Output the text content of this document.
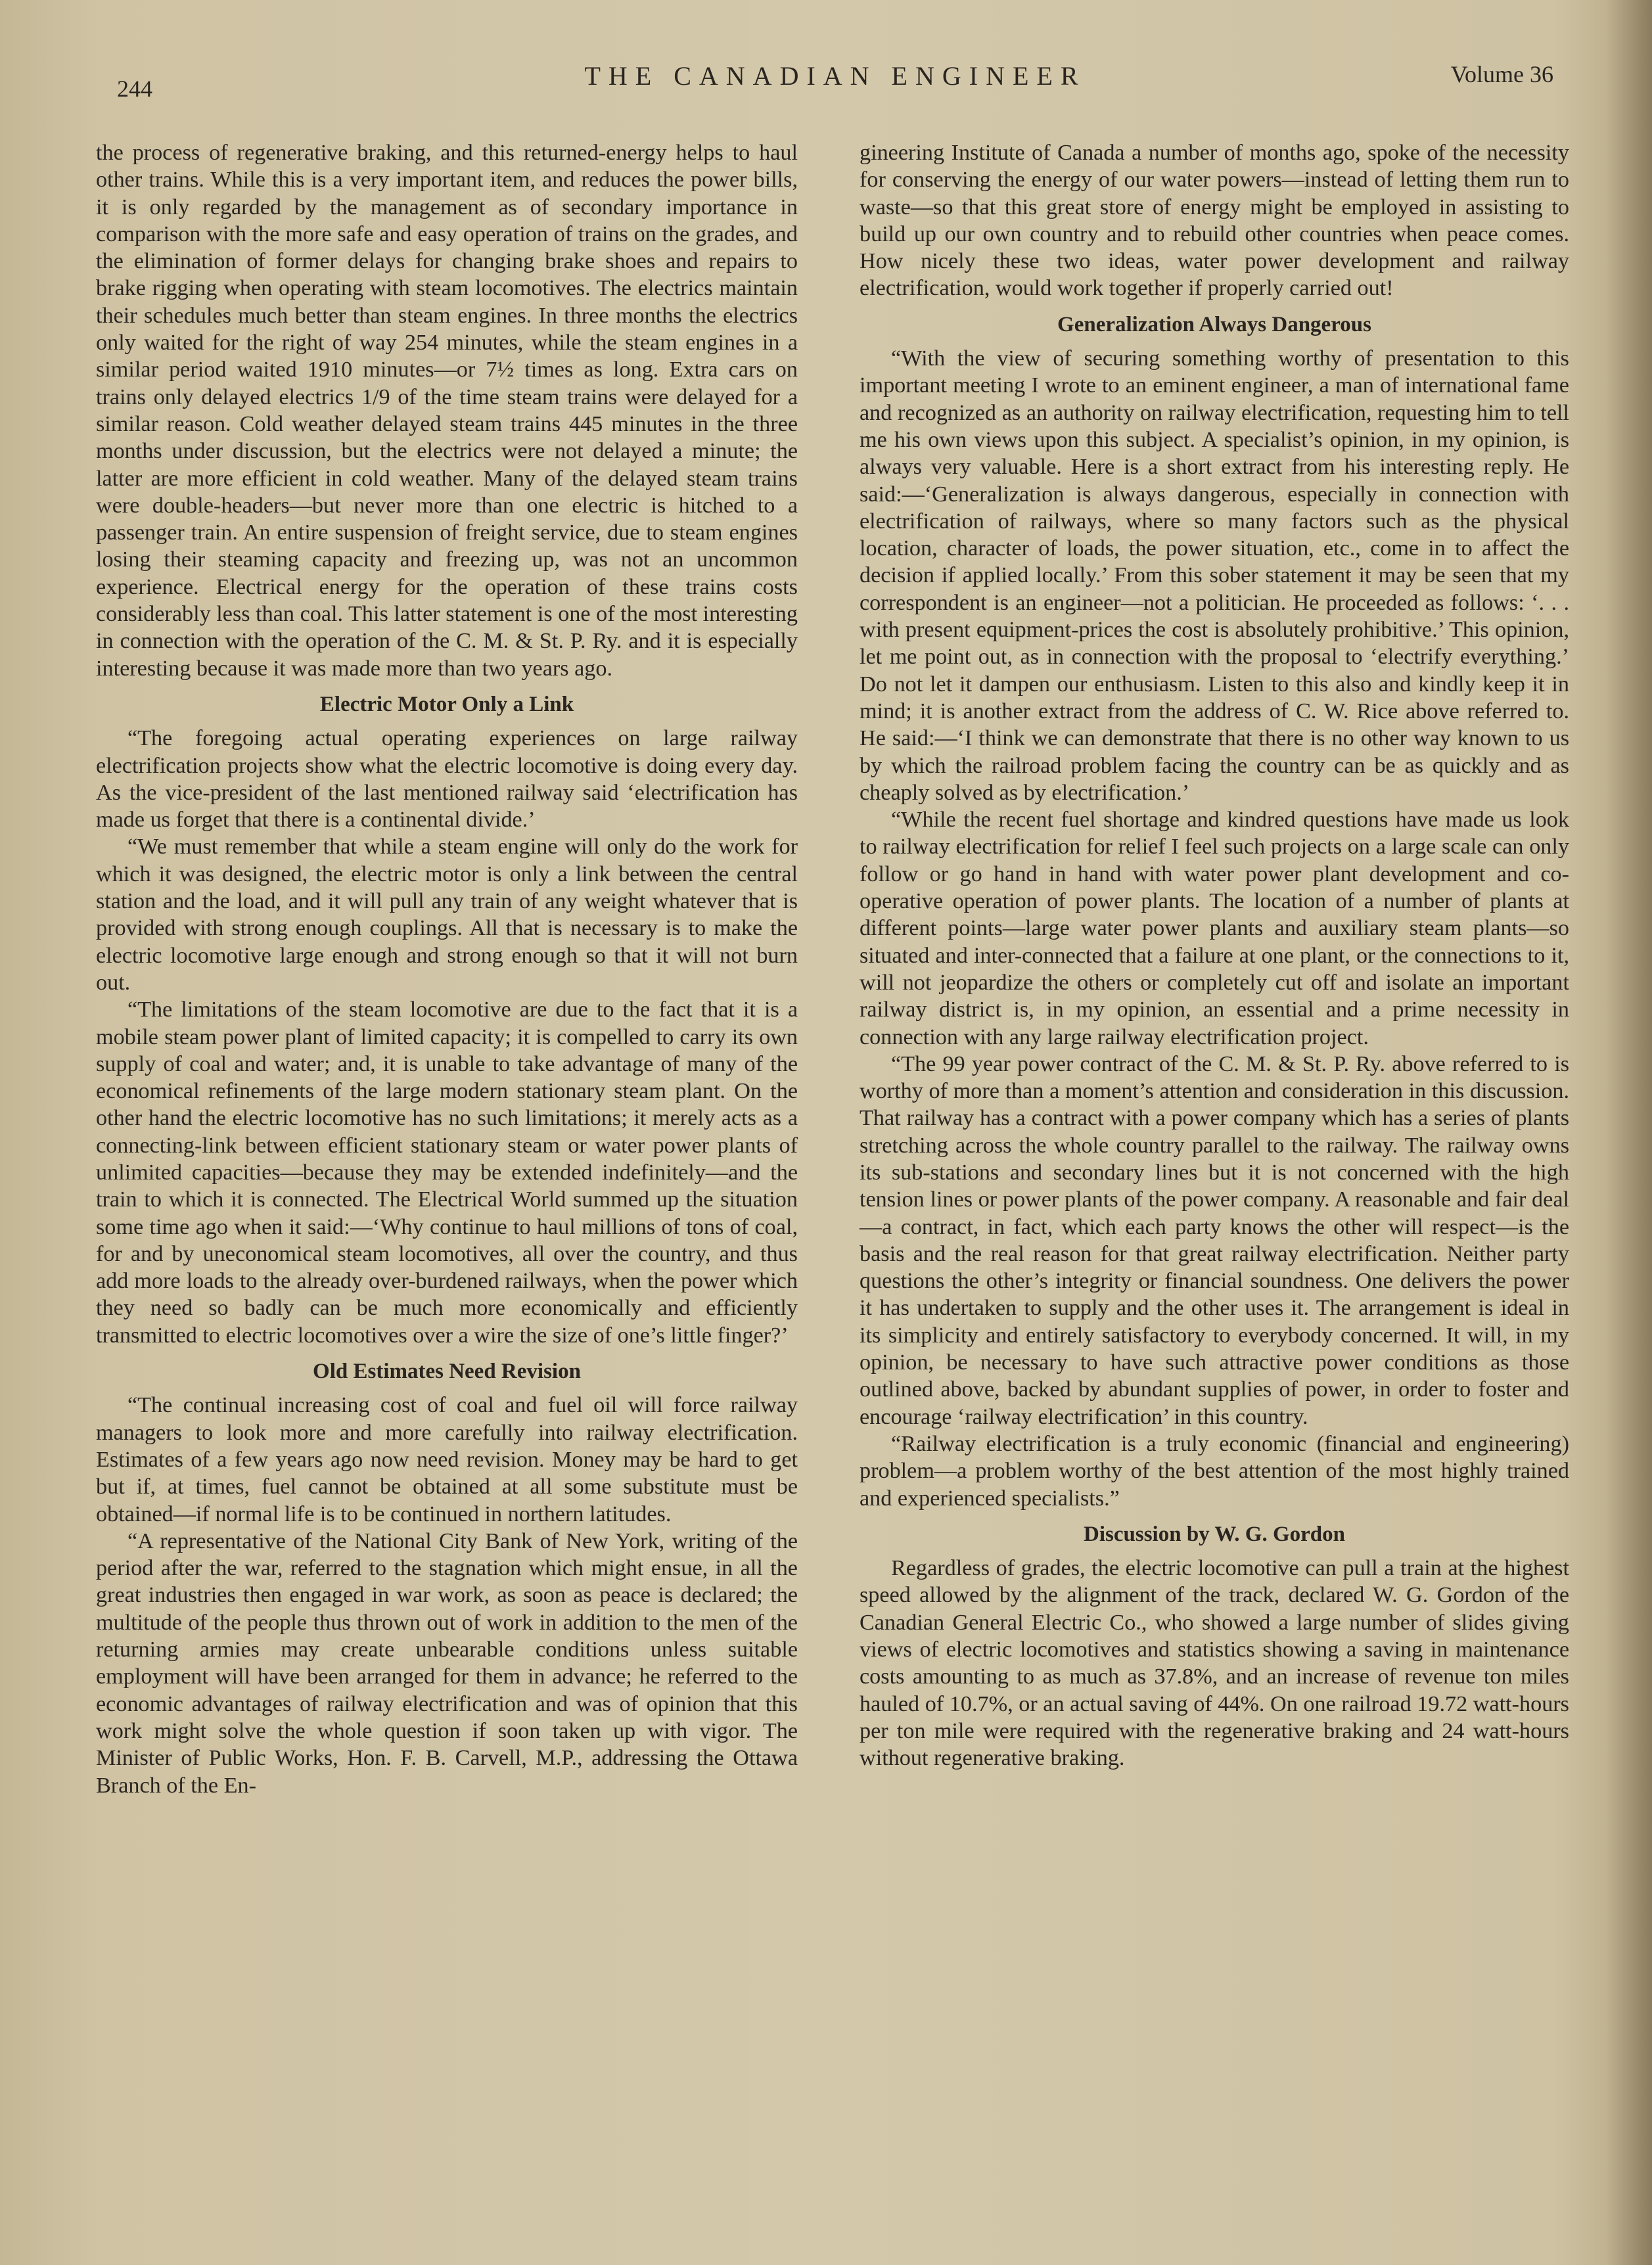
244	THE CANADIAN ENGINEER	Volume 36

the process of regenerative braking, and this returned-energy helps to haul other trains. While this is a very important item, and reduces the power bills, it is only regarded by the management as of secondary importance in comparison with the more safe and easy operation of trains on the grades, and the elimination of former delays for changing brake shoes and repairs to brake rigging when operating with steam locomotives. The electrics maintain their schedules much better than steam engines. In three months the electrics only waited for the right of way 254 minutes, while the steam engines in a similar period waited 1910 minutes—or 7½ times as long. Extra cars on trains only delayed electrics 1/9 of the time steam trains were delayed for a similar reason. Cold weather delayed steam trains 445 minutes in the three months under discussion, but the electrics were not delayed a minute; the latter are more efficient in cold weather. Many of the delayed steam trains were double-headers—but never more than one electric is hitched to a passenger train. An entire suspension of freight service, due to steam engines losing their steaming capacity and freezing up, was not an uncommon experience. Electrical energy for the operation of these trains costs considerably less than coal. This latter statement is one of the most interesting in connection with the operation of the C. M. & St. P. Ry. and it is especially interesting because it was made more than two years ago.

Electric Motor Only a Link

“The foregoing actual operating experiences on large railway electrification projects show what the electric locomotive is doing every day. As the vice-president of the last mentioned railway said ‘electrification has made us forget that there is a continental divide.’

“We must remember that while a steam engine will only do the work for which it was designed, the electric motor is only a link between the central station and the load, and it will pull any train of any weight whatever that is provided with strong enough couplings. All that is necessary is to make the electric locomotive large enough and strong enough so that it will not burn out.

“The limitations of the steam locomotive are due to the fact that it is a mobile steam power plant of limited capacity; it is compelled to carry its own supply of coal and water; and, it is unable to take advantage of many of the economical refinements of the large modern stationary steam plant. On the other hand the electric locomotive has no such limitations; it merely acts as a connecting-link between efficient stationary steam or water power plants of unlimited capacities—because they may be extended indefinitely—and the train to which it is connected. The Electrical World summed up the situation some time ago when it said:—‘Why continue to haul millions of tons of coal, for and by uneconomical steam locomotives, all over the country, and thus add more loads to the already over-burdened railways, when the power which they need so badly can be much more economically and efficiently transmitted to electric locomotives over a wire the size of one’s little finger?’

Old Estimates Need Revision

“The continual increasing cost of coal and fuel oil will force railway managers to look more and more carefully into railway electrification. Estimates of a few years ago now need revision. Money may be hard to get but if, at times, fuel cannot be obtained at all some substitute must be obtained—if normal life is to be continued in northern latitudes.

“A representative of the National City Bank of New York, writing of the period after the war, referred to the stagnation which might ensue, in all the great industries then engaged in war work, as soon as peace is declared; the multitude of the people thus thrown out of work in addition to the men of the returning armies may create unbearable conditions unless suitable employment will have been arranged for them in advance; he referred to the economic advantages of railway electrification and was of opinion that this work might solve the whole question if soon taken up with vigor. The Minister of Public Works, Hon. F. B. Carvell, M.P., addressing the Ottawa Branch of the En-

gineering Institute of Canada a number of months ago, spoke of the necessity for conserving the energy of our water powers—instead of letting them run to waste—so that this great store of energy might be employed in assisting to build up our own country and to rebuild other countries when peace comes. How nicely these two ideas, water power development and railway electrification, would work together if properly carried out!

Generalization Always Dangerous

“With the view of securing something worthy of presentation to this important meeting I wrote to an eminent engineer, a man of international fame and recognized as an authority on railway electrification, requesting him to tell me his own views upon this subject. A specialist’s opinion, in my opinion, is always very valuable. Here is a short extract from his interesting reply. He said:—‘Generalization is always dangerous, especially in connection with electrification of railways, where so many factors such as the physical location, character of loads, the power situation, etc., come in to affect the decision if applied locally.’ From this sober statement it may be seen that my correspondent is an engineer—not a politician. He proceeded as follows: ‘. . . with present equipment-prices the cost is absolutely prohibitive.’ This opinion, let me point out, as in connection with the proposal to ‘electrify everything.’ Do not let it dampen our enthusiasm. Listen to this also and kindly keep it in mind; it is another extract from the address of C. W. Rice above referred to. He said:—‘I think we can demonstrate that there is no other way known to us by which the railroad problem facing the country can be as quickly and as cheaply solved as by electrification.’

“While the recent fuel shortage and kindred questions have made us look to railway electrification for relief I feel such projects on a large scale can only follow or go hand in hand with water power plant development and co-operative operation of power plants. The location of a number of plants at different points—large water power plants and auxiliary steam plants—so situated and inter-connected that a failure at one plant, or the connections to it, will not jeopardize the others or completely cut off and isolate an important railway district is, in my opinion, an essential and a prime necessity in connection with any large railway electrification project.

“The 99 year power contract of the C. M. & St. P. Ry. above referred to is worthy of more than a moment’s attention and consideration in this discussion. That railway has a contract with a power company which has a series of plants stretching across the whole country parallel to the railway. The railway owns its sub-stations and secondary lines but it is not concerned with the high tension lines or power plants of the power company. A reasonable and fair deal—a contract, in fact, which each party knows the other will respect—is the basis and the real reason for that great railway electrification. Neither party questions the other’s integrity or financial soundness. One delivers the power it has undertaken to supply and the other uses it. The arrangement is ideal in its simplicity and entirely satisfactory to everybody concerned. It will, in my opinion, be necessary to have such attractive power conditions as those outlined above, backed by abundant supplies of power, in order to foster and encourage ‘railway electrification’ in this country.

“Railway electrification is a truly economic (financial and engineering) problem—a problem worthy of the best attention of the most highly trained and experienced specialists.”

Discussion by W. G. Gordon

Regardless of grades, the electric locomotive can pull a train at the highest speed allowed by the alignment of the track, declared W. G. Gordon of the Canadian General Electric Co., who showed a large number of slides giving views of electric locomotives and statistics showing a saving in maintenance costs amounting to as much as 37.8%, and an increase of revenue ton miles hauled of 10.7%, or an actual saving of 44%. On one railroad 19.72 watt-hours per ton mile were required with the regenerative braking and 24 watt-hours without regenerative braking.
